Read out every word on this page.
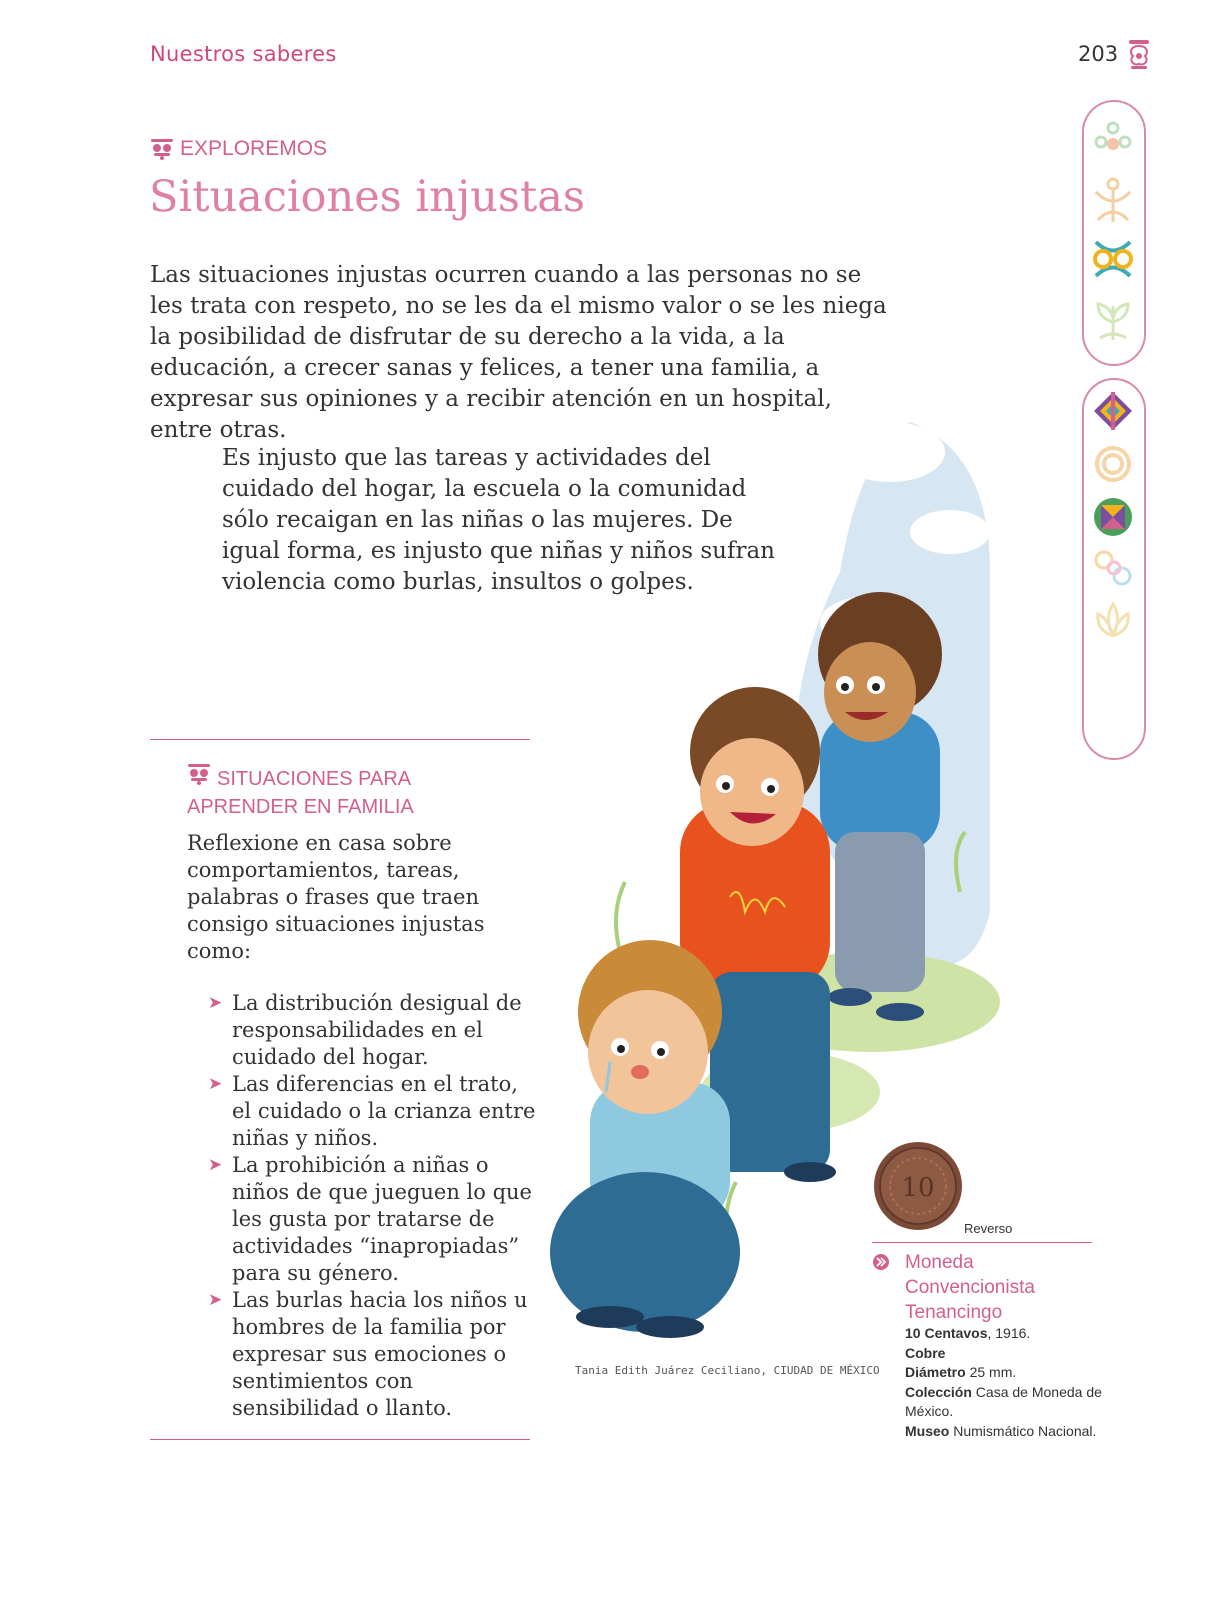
Nuestros saberes	203
EXPLOREMOS
Situaciones injustas

Las situaciones injustas ocurren cuando a las personas no se les trata con respeto, no se les da el mismo valor o se les niega la posibilidad de disfrutar de su derecho a la vida, a la educación, a crecer sanas y felices, a tener una familia, a expresar sus opiniones y a recibir atención en un hospital, entre otras.

Es injusto que las tareas y actividades del cuidado del hogar, la escuela o la comunidad sólo recaigan en las niñas o las mujeres. De igual forma, es injusto que niñas y niños sufran violencia como burlas, insultos o golpes.

Tania Edith Juárez Ceciliano, CIUDAD DE MÉXICO
SITUACIONES PARA
APRENDER EN FAMILIA

Reflexione en casa sobre comportamientos, tareas, palabras o frases que traen consigo situaciones injustas como:

➤ La distribución desigual de responsabilidades en el cuidado del hogar.
➤ Las diferencias en el trato, el cuidado o la crianza entre niñas y niños.
➤ La prohibición a niñas o niños de que jueguen lo que les gusta por tratarse de actividades “inapropiadas” para su género.
➤ Las burlas hacia los niños u hombres de la familia por expresar sus emociones o sentimientos con sensibilidad o llanto.
10
Reverso
Moneda Convencionista Tenancingo
10 Centavos, 1916.
Cobre
Diámetro 25 mm.
Colección Casa de Moneda de México.
Museo Numismático Nacional.
